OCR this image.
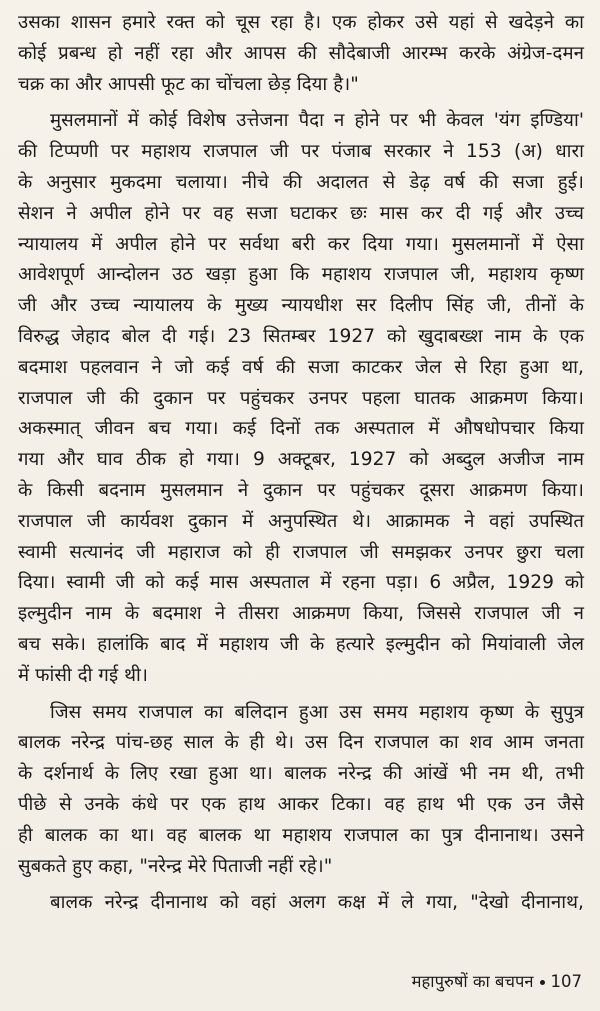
उसका शासन हमारे रक्त को चूस रहा है। एक होकर उसे यहां से खदेड़ने का
कोई प्रबन्ध हो नहीं रहा और आपस की सौदेबाजी आरम्भ करके अंग्रेज-दमन
चक्र का और आपसी फूट का चोंचला छेड़ दिया है।"
मुसलमानों में कोई विशेष उत्तेजना पैदा न होने पर भी केवल 'यंग इण्डिया'
की टिप्पणी पर महाशय राजपाल जी पर पंजाब सरकार ने 153 (अ) धारा
के अनुसार मुकदमा चलाया। नीचे की अदालत से डेढ़ वर्ष की सजा हुई।
सेशन ने अपील होने पर वह सजा घटाकर छः मास कर दी गई और उच्च
न्यायालय में अपील होने पर सर्वथा बरी कर दिया गया। मुसलमानों में ऐसा
आवेशपूर्ण आन्दोलन उठ खड़ा हुआ कि महाशय राजपाल जी, महाशय कृष्ण
जी और उच्च न्यायालय के मुख्य न्यायधीश सर दिलीप सिंह जी, तीनों के
विरुद्ध जेहाद बोल दी गई। 23 सितम्बर 1927 को खुदाबख्श नाम के एक
बदमाश पहलवान ने जो कई वर्ष की सजा काटकर जेल से रिहा हुआ था,
राजपाल जी की दुकान पर पहुंचकर उनपर पहला घातक आक्रमण किया।
अकस्मात् जीवन बच गया। कई दिनों तक अस्पताल में औषधोपचार किया
गया और घाव ठीक हो गया। 9 अक्टूबर, 1927 को अब्दुल अजीज नाम
के किसी बदनाम मुसलमान ने दुकान पर पहुंचकर दूसरा आक्रमण किया।
राजपाल जी कार्यवश दुकान में अनुपस्थित थे। आक्रामक ने वहां उपस्थित
स्वामी सत्यानंद जी महाराज को ही राजपाल जी समझकर उनपर छुरा चला
दिया। स्वामी जी को कई मास अस्पताल में रहना पड़ा। 6 अप्रैल, 1929 को
इल्मुदीन नाम के बदमाश ने तीसरा आक्रमण किया, जिससे राजपाल जी न
बच सके। हालांकि बाद में महाशय जी के हत्यारे इल्मुदीन को मियांवाली जेल
में फांसी दी गई थी।
जिस समय राजपाल का बलिदान हुआ उस समय महाशय कृष्ण के सुपुत्र
बालक नरेन्द्र पांच-छह साल के ही थे। उस दिन राजपाल का शव आम जनता
के दर्शनार्थ के लिए रखा हुआ था। बालक नरेन्द्र की आंखें भी नम थी, तभी
पीछे से उनके कंधे पर एक हाथ आकर टिका। वह हाथ भी एक उन जैसे
ही बालक का था। वह बालक था महाशय राजपाल का पुत्र दीनानाथ। उसने
सुबकते हुए कहा, "नरेन्द्र मेरे पिताजी नहीं रहे।"
बालक नरेन्द्र दीनानाथ को वहां अलग कक्ष में ले गया, "देखो दीनानाथ,
महापुरुषों का बचपन 107
